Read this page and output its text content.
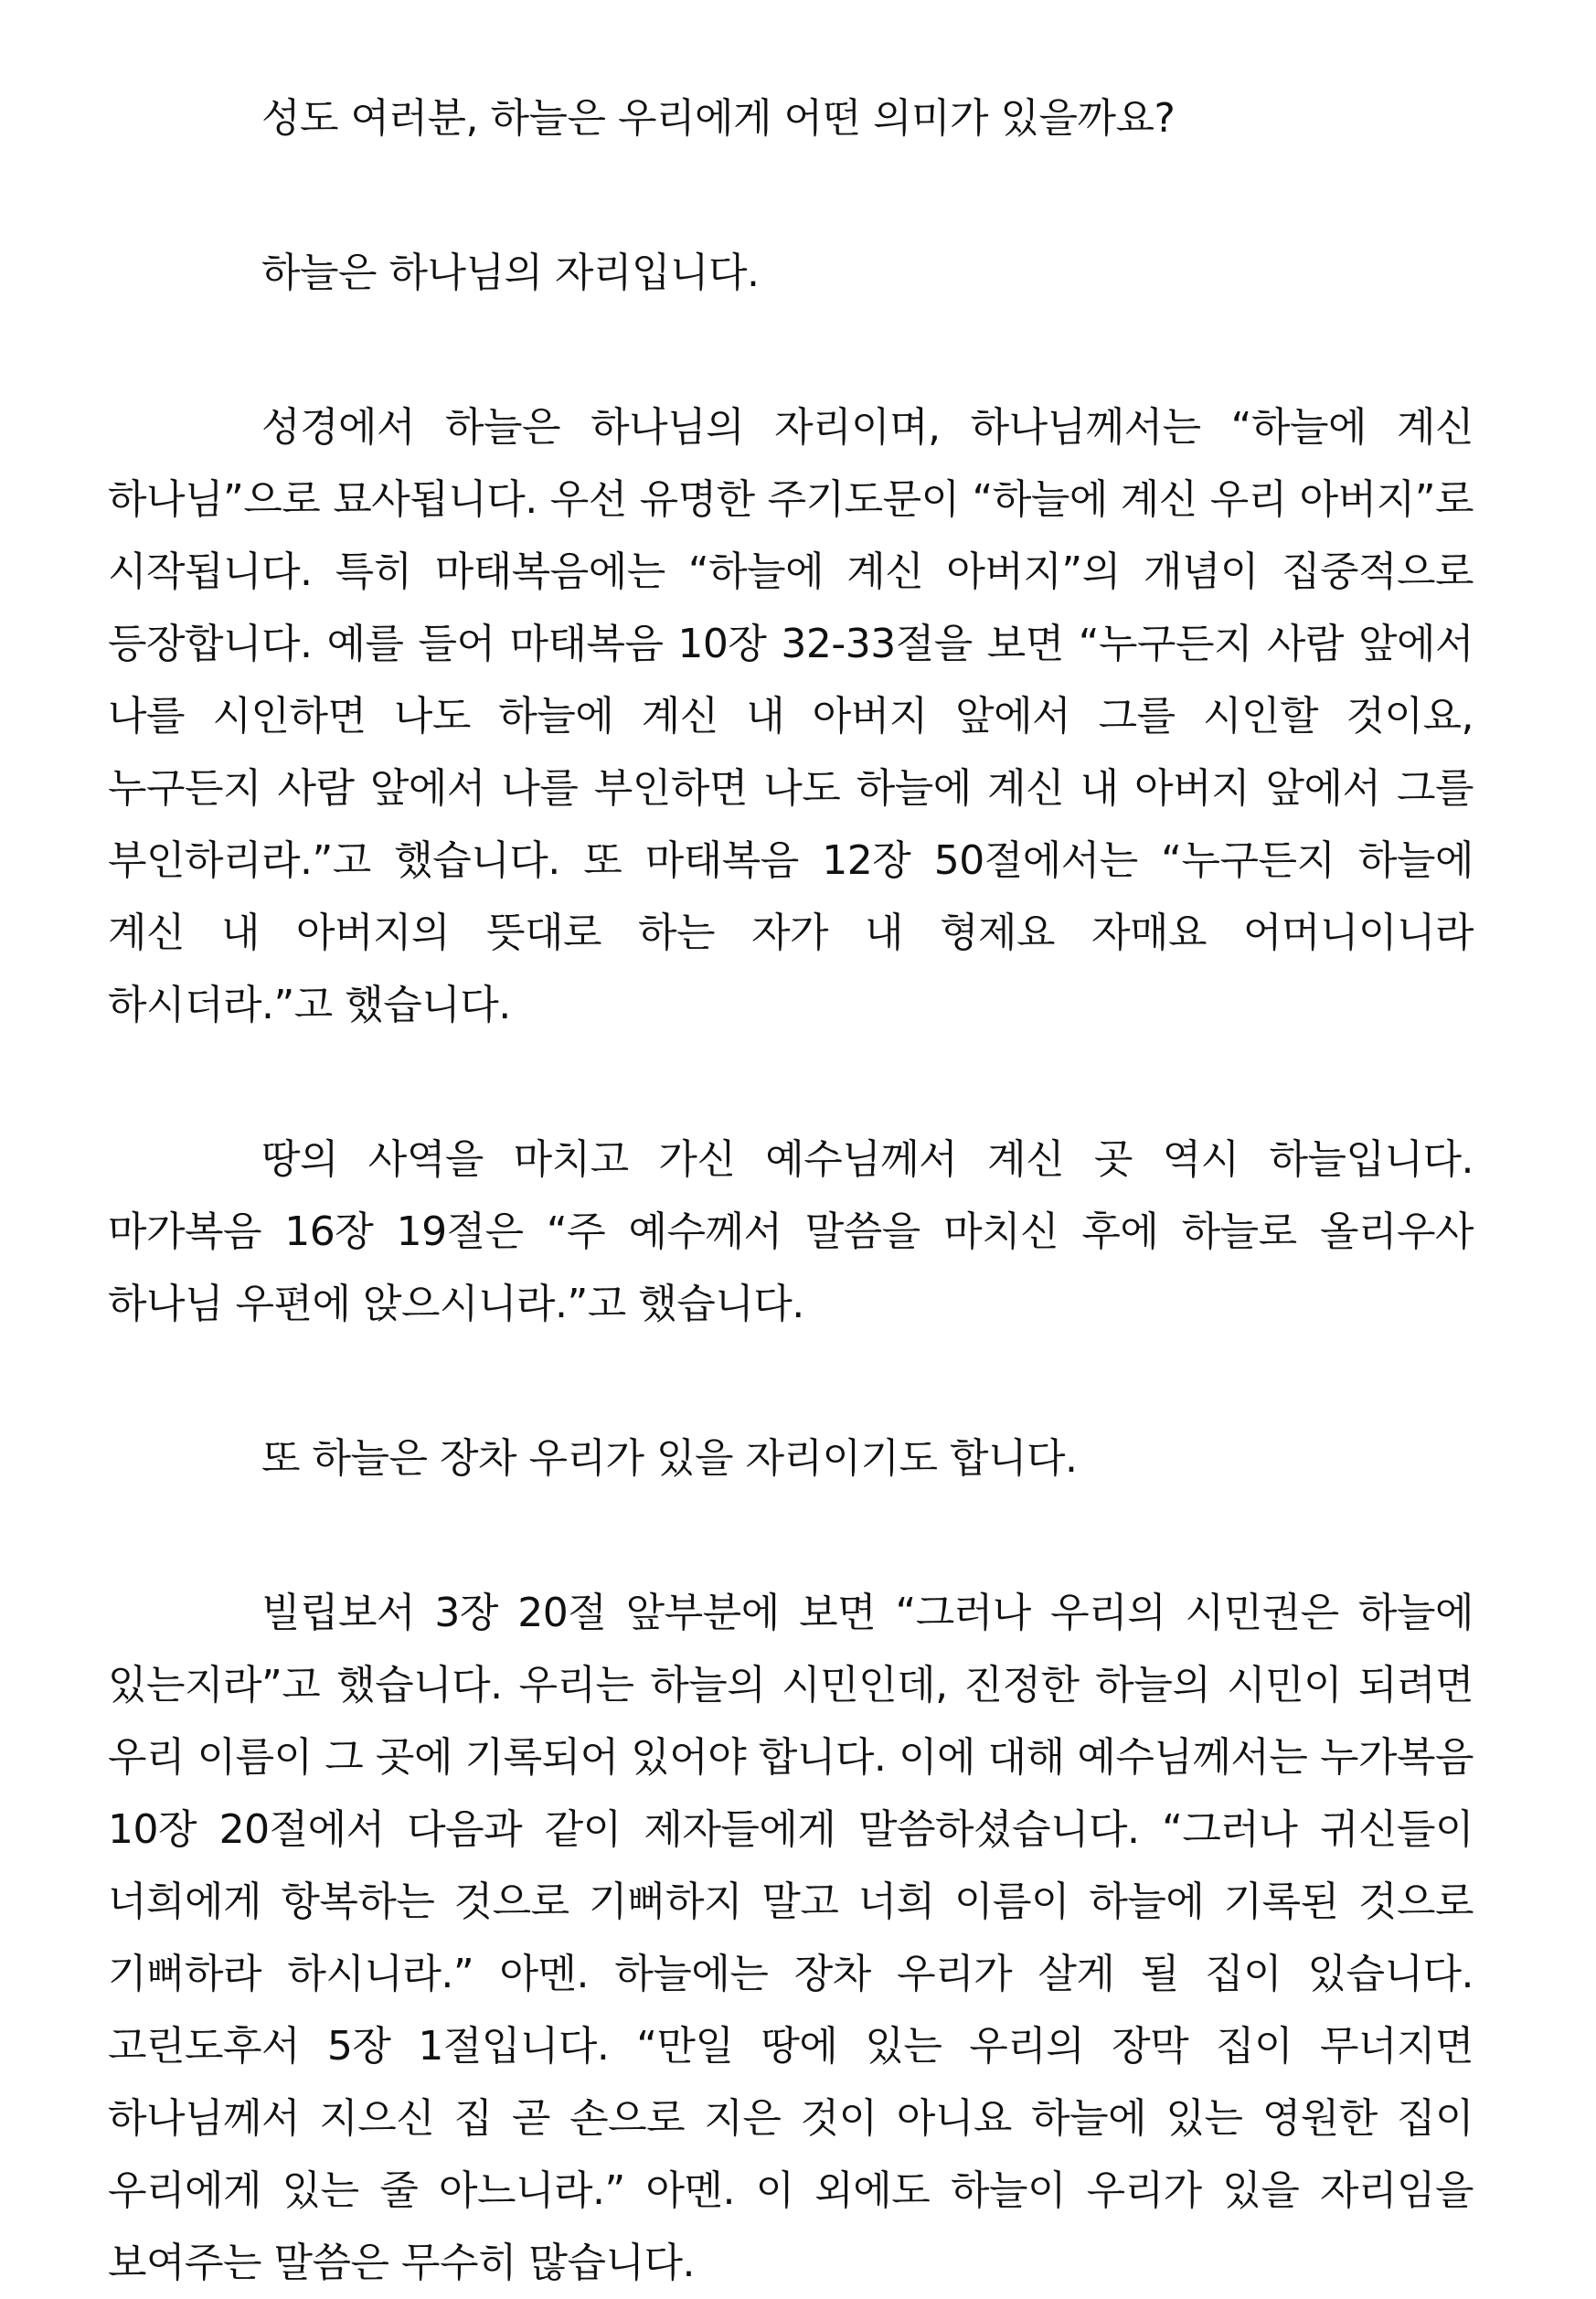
성도 여러분, 하늘은 우리에게 어떤 의미가 있을까요?

하늘은 하나님의 자리입니다.

성경에서 하늘은 하나님의 자리이며, 하나님께서는 “하늘에 계신 하나님”으로 묘사됩니다. 우선 유명한 주기도문이 “하늘에 계신 우리 아버지”로 시작됩니다. 특히 마태복음에는 “하늘에 계신 아버지”의 개념이 집중적으로 등장합니다. 예를 들어 마태복음 10장 32-33절을 보면 “누구든지 사람 앞에서 나를 시인하면 나도 하늘에 계신 내 아버지 앞에서 그를 시인할 것이요, 누구든지 사람 앞에서 나를 부인하면 나도 하늘에 계신 내 아버지 앞에서 그를 부인하리라.”고 했습니다. 또 마태복음 12장 50절에서는 “누구든지 하늘에 계신 내 아버지의 뜻대로 하는 자가 내 형제요 자매요 어머니이니라 하시더라.”고 했습니다.

땅의 사역을 마치고 가신 예수님께서 계신 곳 역시 하늘입니다. 마가복음 16장 19절은 “주 예수께서 말씀을 마치신 후에 하늘로 올리우사 하나님 우편에 앉으시니라.”고 했습니다.

또 하늘은 장차 우리가 있을 자리이기도 합니다.

빌립보서 3장 20절 앞부분에 보면 “그러나 우리의 시민권은 하늘에 있는지라”고 했습니다. 우리는 하늘의 시민인데, 진정한 하늘의 시민이 되려면 우리 이름이 그 곳에 기록되어 있어야 합니다. 이에 대해 예수님께서는 누가복음 10장 20절에서 다음과 같이 제자들에게 말씀하셨습니다. “그러나 귀신들이 너희에게 항복하는 것으로 기뻐하지 말고 너희 이름이 하늘에 기록된 것으로 기뻐하라 하시니라.” 아멘. 하늘에는 장차 우리가 살게 될 집이 있습니다. 고린도후서 5장 1절입니다. “만일 땅에 있는 우리의 장막 집이 무너지면 하나님께서 지으신 집 곧 손으로 지은 것이 아니요 하늘에 있는 영원한 집이 우리에게 있는 줄 아느니라.” 아멘. 이 외에도 하늘이 우리가 있을 자리임을 보여주는 말씀은 무수히 많습니다.
